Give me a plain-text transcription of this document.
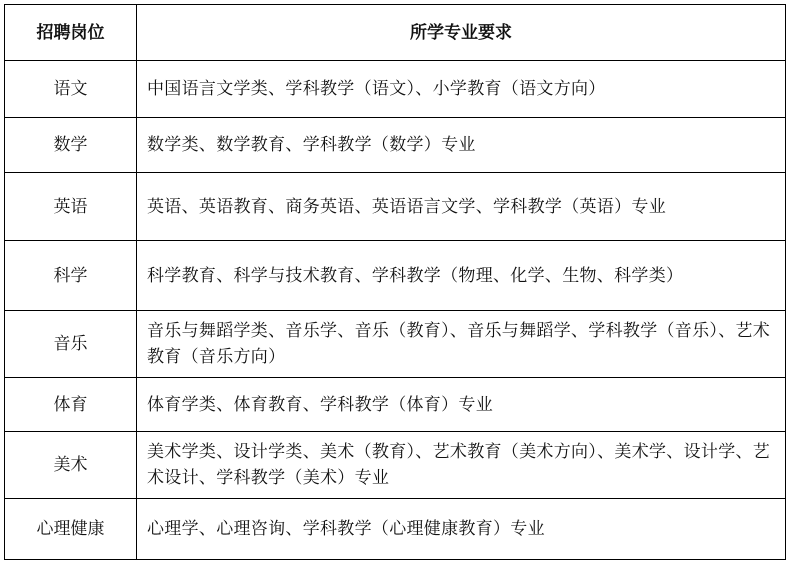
招聘岗位	所学专业要求
语文	中国语言文学类、学科教学（语文）、小学教育（语文方向）
数学	数学类、数学教育、学科教学（数学）专业
英语	英语、英语教育、商务英语、英语语言文学、学科教学（英语）专业
科学	科学教育、科学与技术教育、学科教学（物理、化学、生物、科学类）
音乐	音乐与舞蹈学类、音乐学、音乐（教育）、音乐与舞蹈学、学科教学（音乐）、艺术教育（音乐方向）
体育	体育学类、体育教育、学科教学（体育）专业
美术	美术学类、设计学类、美术（教育）、艺术教育（美术方向）、美术学、设计学、艺术设计、学科教学（美术）专业
心理健康	心理学、心理咨询、学科教学（心理健康教育）专业
